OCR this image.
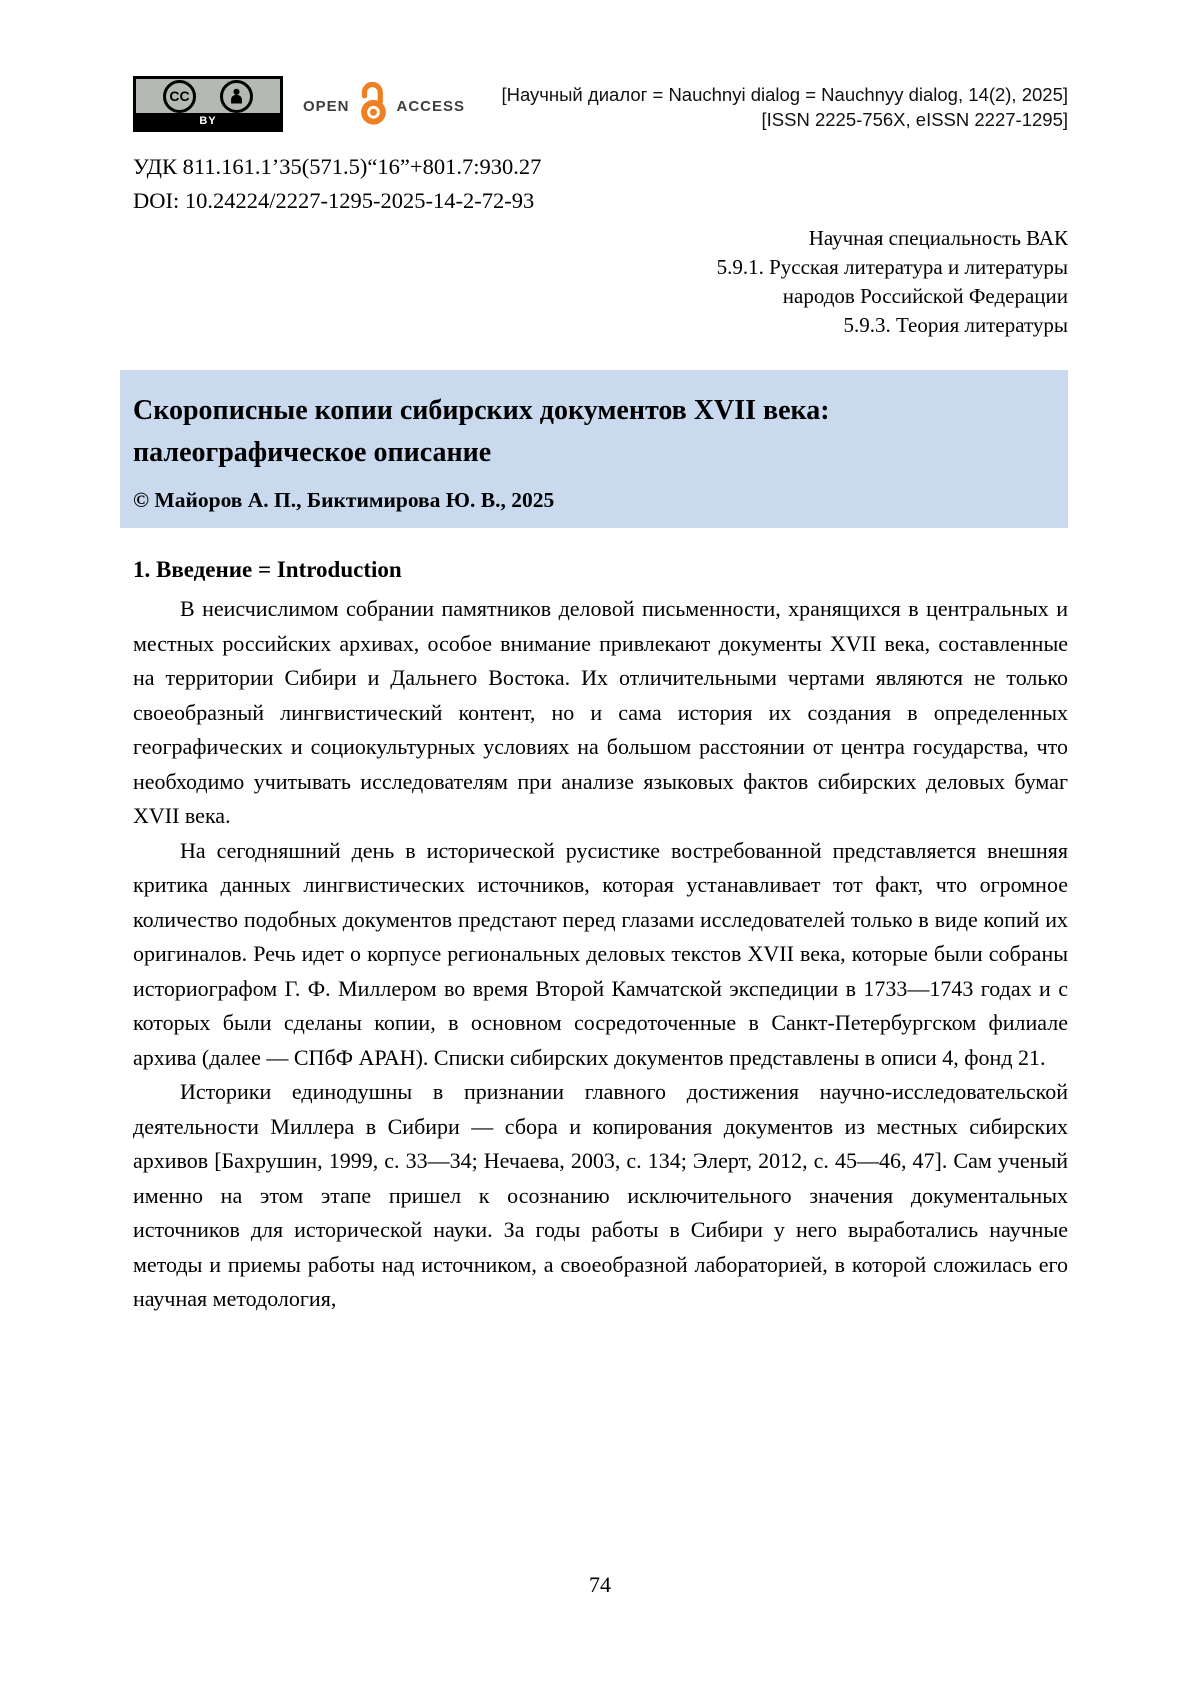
CC
BY
OPEN	ACCESS
[Научный диалог = Nauchnyi dialog = Nauchnyy dialog, 14(2), 2025]
[ISSN 2225-756X, eISSN 2227-1295]
УДК 811.161.1’35(571.5)“16”+801.7:930.27
DOI: 10.24224/2227-1295-2025-14-2-72-93
Научная специальность ВАК
5.9.1. Русская литература и литературы
народов Российской Федерации
5.9.3. Теория литературы
Скорописные копии сибирских документов XVII века:
палеографическое описание
© Майоров А. П., Биктимирова Ю. В., 2025
1. Введение = Introduction

В неисчислимом собрании памятников деловой письменности, хранящихся в центральных и местных российских архивах, особое внимание привлекают документы XVII века, составленные на территории Сибири и Дальнего Востока. Их отличительными чертами являются не только своеобразный лингвистический контент, но и сама история их создания в определенных географических и социокультурных условиях на большом расстоянии от центра государства, что необходимо учитывать исследователям при анализе языковых фактов сибирских деловых бумаг XVII века.

На сегодняшний день в исторической русистике востребованной представляется внешняя критика данных лингвистических источников, которая устанавливает тот факт, что огромное количество подобных документов предстают перед глазами исследователей только в виде копий их оригиналов. Речь идет о корпусе региональных деловых текстов XVII века, которые были собраны историографом Г. Ф. Миллером во время Второй Камчатской экспедиции в 1733—1743 годах и с которых были сделаны копии, в основном сосредоточенные в Санкт-Петербургском филиале архива (далее — СПбФ АРАН). Списки сибирских документов представлены в описи 4, фонд 21.

Историки единодушны в признании главного достижения научно-исследовательской деятельности Миллера в Сибири — сбора и копирования документов из местных сибирских архивов [Бахрушин, 1999, с. 33—34; Нечаева, 2003, с. 134; Элерт, 2012, с. 45—46, 47]. Сам ученый именно на этом этапе пришел к осознанию исключительного значения документальных источников для исторической науки. За годы работы в Сибири у него выработались научные методы и приемы работы над источником, а своеобразной лабораторией, в которой сложилась его научная методология,

74
